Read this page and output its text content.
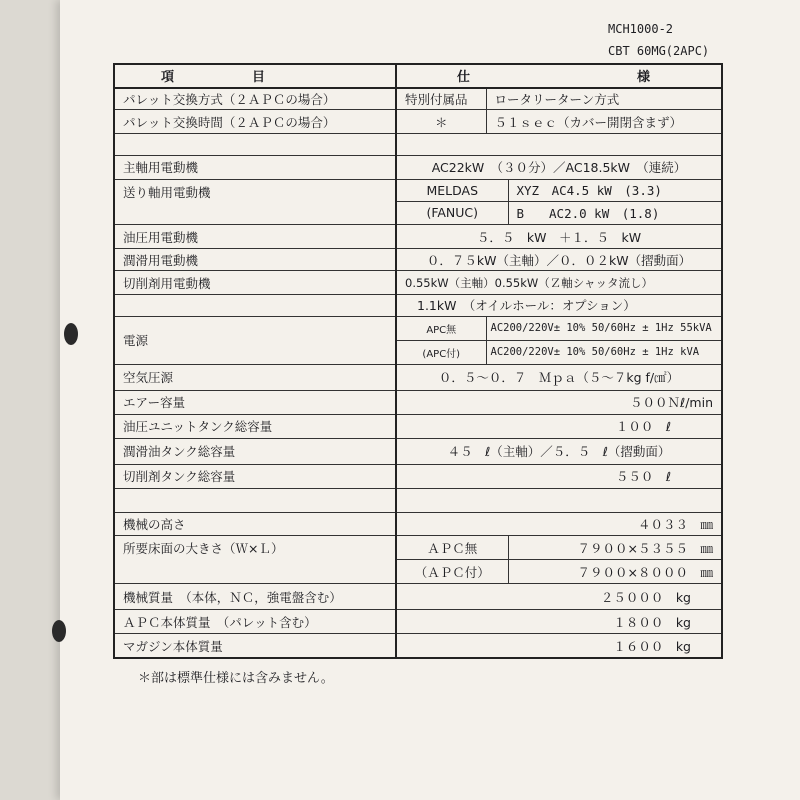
MCH1000-2
CBT 60MG(2APC)
項　　　　　　目	仕 様		

パレット交換方式（２ＡＰＣの場合）	特別付属品	ロータリーターン方式	
パレット交換時間（２ＡＰＣの場合）	＊	５１ｓｅｃ（カバー開閉含まず）	

主軸用電動機	AC22kW　（３０分）／AC18.5kW　（連続）		
送り軸用電動機	MELDAS		XYZ　AC4.5 kW　(3.3)
	(FANUC)		B　　AC2.0 kW　(1.8)
油圧用電動機	５．５　kW　＋１．５　kW		
潤滑用電動機	０．７５kW（主軸）／０．０２kW（摺動面）		
切削剤用電動機	0.55kW（主軸）0.55kW（Ｚ軸シャッタ流し）		
	1.1kW　（オイルホール：オプション）		
電源	APC無	AC200/220V± 10% 50/60Hz ± 1Hz 55kVA	
	(APC付)	AC200/220V± 10% 50/60Hz ± 1Hz kVA	
空気圧源	０．５～０．７　Ｍｐａ（５～７kg f/㎠）		
エアー容量	５００Ｎℓ/min		
油圧ユニットタンク総容量	１００　ℓ		
潤滑油タンク総容量	４５　ℓ（主軸）／５．５　ℓ（摺動面）		
切削剤タンク総容量	５５０　ℓ		

機械の高さ	４０３３　㎜		
所要床面の大きさ（Ｗ×Ｌ）	ＡＰＣ無		７９００×５３５５　㎜
	（ＡＰＣ付）		７９００×８０００　㎜
機械質量　（本体，ＮＣ，強電盤含む）	２５０００　kg		
ＡＰＣ本体質量　（パレット含む）	１８００　kg		
マガジン本体質量	１６００　kg		
＊部は標準仕様には含みません。
